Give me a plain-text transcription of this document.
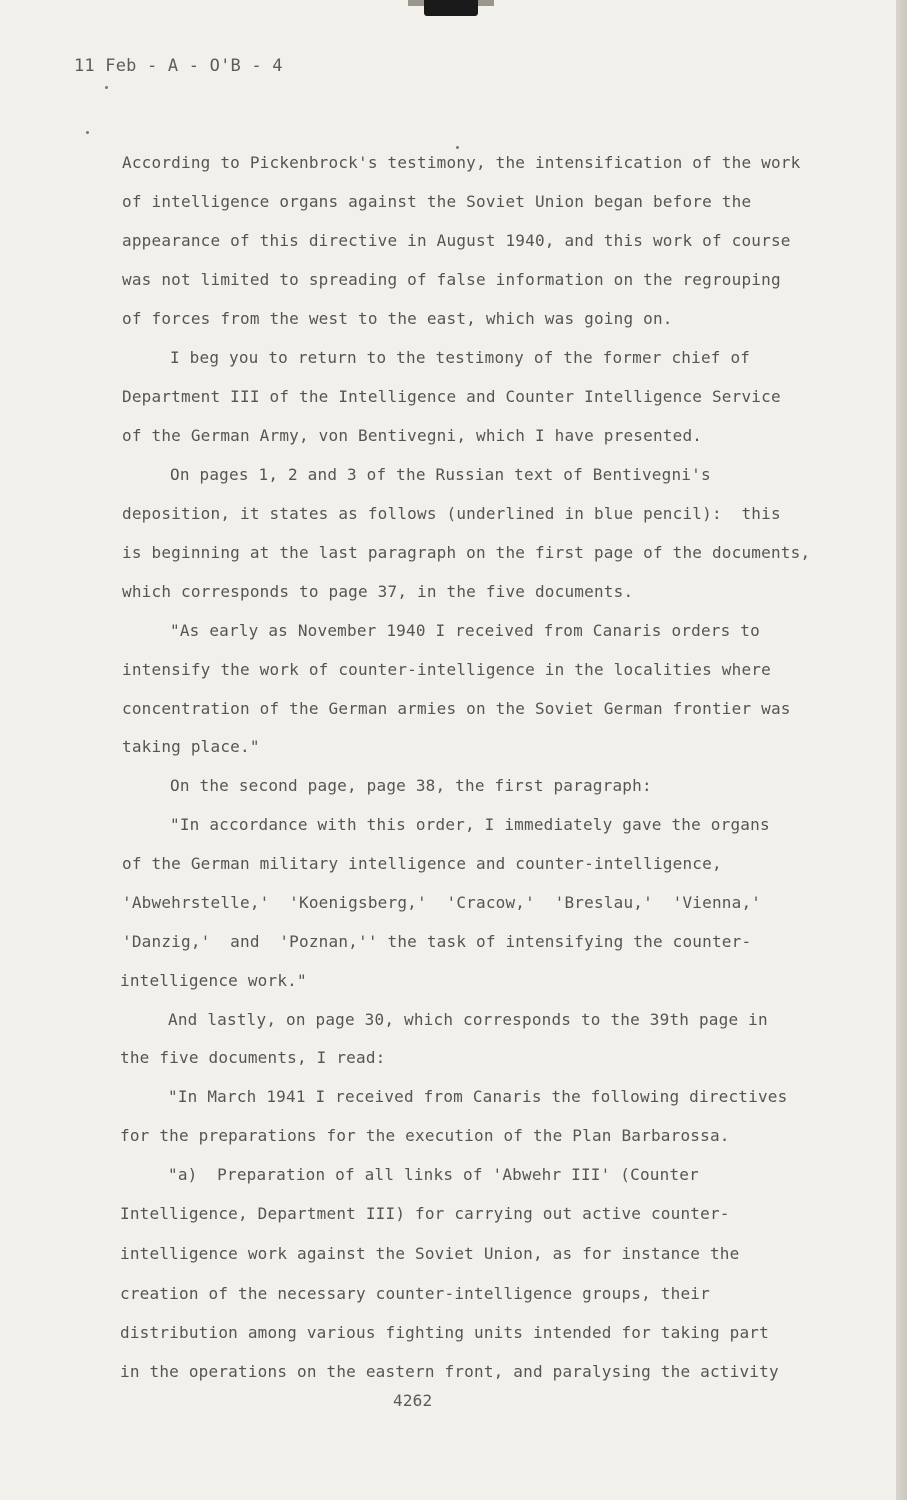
11 Feb - A - O'B - 4
According to Pickenbrock's testimony, the intensification of the work
of intelligence organs against the Soviet Union began before the
appearance of this directive in August 1940, and this work of course
was not limited to spreading of false information on the regrouping
of forces from the west to the east, which was going on.
I beg you to return to the testimony of the former chief of
Department III of the Intelligence and Counter Intelligence Service
of the German Army, von Bentivegni, which I have presented.
On pages 1, 2 and 3 of the Russian text of Bentivegni's
deposition, it states as follows (underlined in blue pencil):  this
is beginning at the last paragraph on the first page of the documents,
which corresponds to page 37, in the five documents.
"As early as November 1940 I received from Canaris orders to
intensify the work of counter-intelligence in the localities where
concentration of the German armies on the Soviet German frontier was
taking place."
On the second page, page 38, the first paragraph:
"In accordance with this order, I immediately gave the organs
of the German military intelligence and counter-intelligence,
'Abwehrstelle,'  'Koenigsberg,'  'Cracow,'  'Breslau,'  'Vienna,'
'Danzig,'  and  'Poznan,'' the task of intensifying the counter-
intelligence work."
And lastly, on page 30, which corresponds to the 39th page in
the five documents, I read:
"In March 1941 I received from Canaris the following directives
for the preparations for the execution of the Plan Barbarossa.
"a)  Preparation of all links of 'Abwehr III' (Counter
Intelligence, Department III) for carrying out active counter-
intelligence work against the Soviet Union, as for instance the
creation of the necessary counter-intelligence groups, their
distribution among various fighting units intended for taking part
in the operations on the eastern front, and paralysing the activity
4262
